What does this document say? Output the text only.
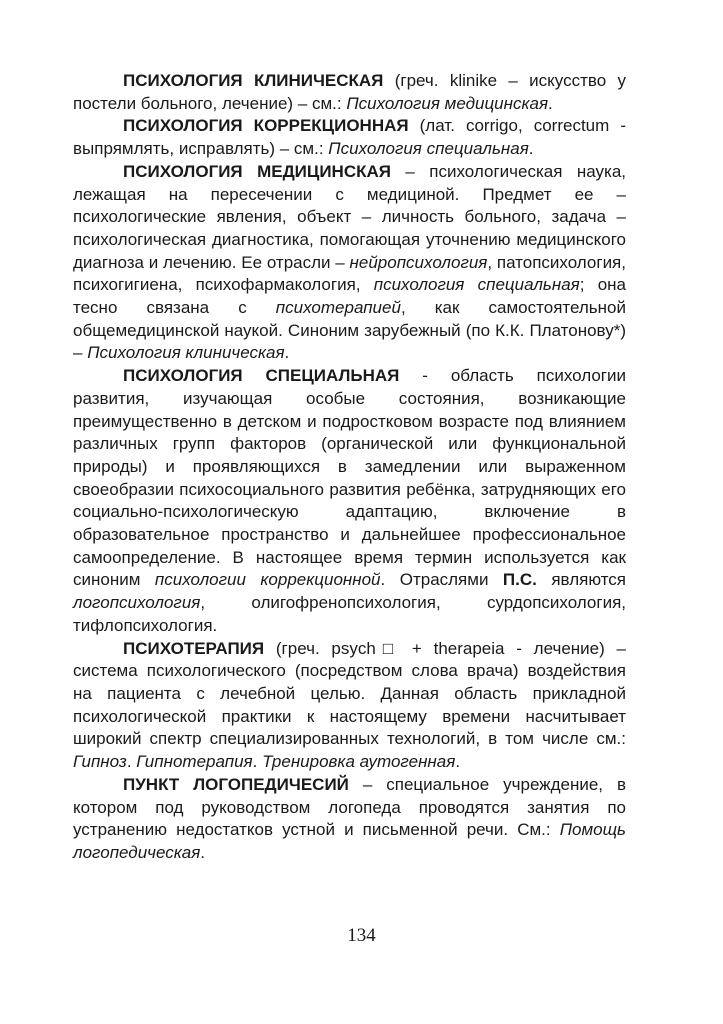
ПСИХОЛОГИЯ КЛИНИЧЕСКАЯ (греч. klinike – искусство у постели больного, лечение) – см.: Психология медицинская.

ПСИХОЛОГИЯ КОРРЕКЦИОННАЯ (лат. corrigo, correctum - выпрямлять, исправлять) – см.: Психология специальная.

ПСИХОЛОГИЯ МЕДИЦИНСКАЯ – психологическая наука, лежащая на пересечении с медициной. Предмет ее – психологические явления, объект – личность больного, задача – психологическая диагностика, помогающая уточнению медицинского диагноза и лечению. Ее отрасли – нейропсихология, патопсихология, психогигиена, психофармакология, психология специальная; она тесно связана с психотерапией, как самостоятельной общемедицинской наукой. Синоним зарубежный (по К.К. Платонову*) – Психология клиническая.

ПСИХОЛОГИЯ СПЕЦИАЛЬНАЯ - область психологии развития, изучающая особые состояния, возникающие преимущественно в детском и подростковом возрасте под влиянием различных групп факторов (органической или функциональной природы) и проявляющихся в замедлении или выраженном своеобразии психосоциального развития ребёнка, затрудняющих его социально-психологическую адаптацию, включение в образовательное пространство и дальнейшее профессиональное самоопределение. В настоящее время термин используется как синоним психологии коррекционной. Отраслями П.С. являются логопсихология, олигофренопсихология, сурдопсихология, тифлопсихология.

ПСИХОТЕРАПИЯ (греч. psych□ + therapeia - лечение) – система психологического (посредством слова врача) воздействия на пациента с лечебной целью. Данная область прикладной психологической практики к настоящему времени насчитывает широкий спектр специализированных технологий, в том числе см.: Гипноз. Гипнотерапия. Тренировка аутогенная.

ПУНКТ ЛОГОПЕДИЧЕСИЙ – специальное учреждение, в котором под руководством логопеда проводятся занятия по устранению недостатков устной и письменной речи. См.: Помощь логопедическая.

134
